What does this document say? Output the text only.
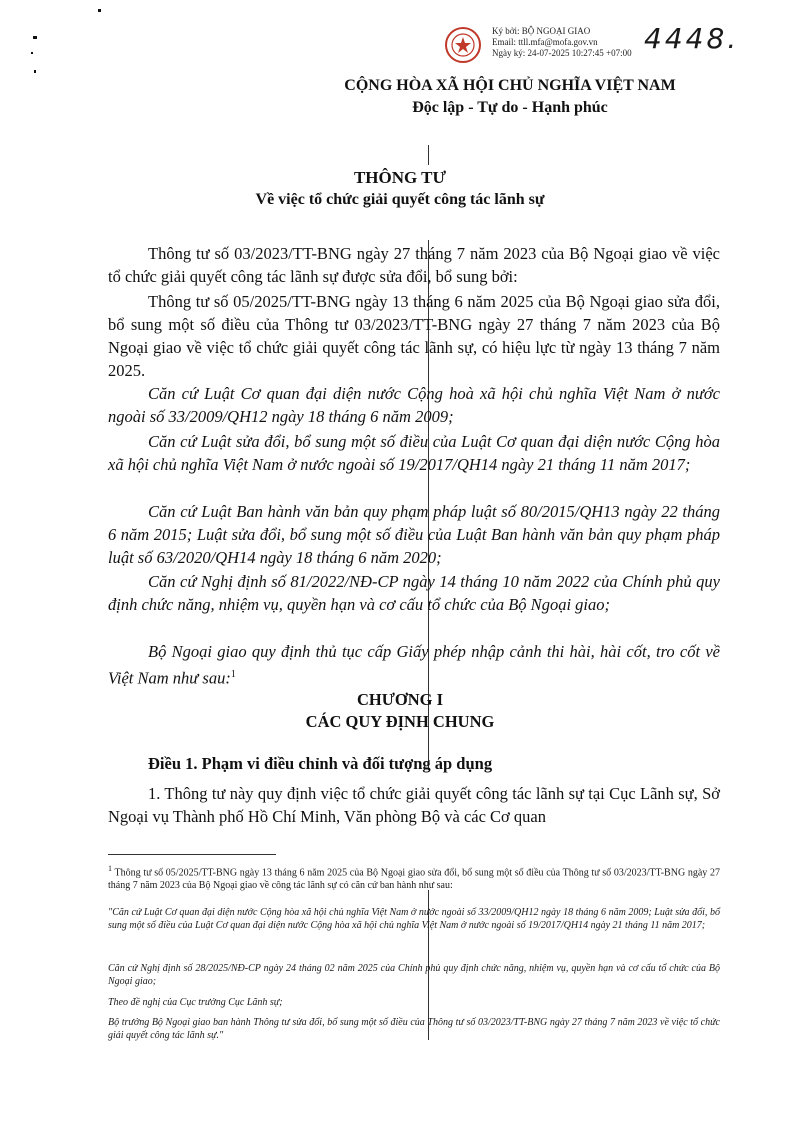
Ký bởi: BỘ NGOẠI GIAO
Email: ttll.mfa@mofa.gov.vn
Ngày ký: 24-07-2025 10:27:45 +07:00 4448.
CỘNG HÒA XÃ HỘI CHỦ NGHĨA VIỆT NAM
Độc lập - Tự do - Hạnh phúc
THÔNG TƯ
Về việc tổ chức giải quyết công tác lãnh sự
Thông tư số 03/2023/TT-BNG ngày 27 tháng 7 năm 2023 của Bộ Ngoại giao về việc tổ chức giải quyết công tác lãnh sự được sửa đổi, bổ sung bởi:
Thông tư số 05/2025/TT-BNG ngày 13 tháng 6 năm 2025 của Bộ Ngoại giao sửa đổi, bổ sung một số điều của Thông tư 03/2023/TT-BNG ngày 27 tháng 7 năm 2023 của Bộ Ngoại giao về việc tổ chức giải quyết công tác lãnh sự, có hiệu lực từ ngày 13 tháng 7 năm 2025.
Căn cứ Luật Cơ quan đại diện nước Cộng hoà xã hội chủ nghĩa Việt Nam ở nước ngoài số 33/2009/QH12 ngày 18 tháng 6 năm 2009;
Căn cứ Luật sửa đổi, bổ sung một số điều của Luật Cơ quan đại diện nước Cộng hòa xã hội chủ nghĩa Việt Nam ở nước ngoài số 19/2017/QH14 ngày 21 tháng 11 năm 2017;
Căn cứ Luật Ban hành văn bản quy phạm pháp luật số 80/2015/QH13 ngày 22 tháng 6 năm 2015; Luật sửa đổi, bổ sung một số điều của Luật Ban hành văn bản quy phạm pháp luật số 63/2020/QH14 ngày 18 tháng 6 năm 2020;
Căn cứ Nghị định số 81/2022/NĐ-CP ngày 14 tháng 10 năm 2022 của Chính phủ quy định chức năng, nhiệm vụ, quyền hạn và cơ cấu tổ chức của Bộ Ngoại giao;
Bộ Ngoại giao quy định thủ tục cấp Giấy phép nhập cảnh thi hài, hài cốt, tro cốt về Việt Nam như sau:$^1$
CHƯƠNG I
CÁC QUY ĐỊNH CHUNG
Điều 1. Phạm vi điều chỉnh và đối tượng áp dụng
1. Thông tư này quy định việc tổ chức giải quyết công tác lãnh sự tại Cục Lãnh sự, Sở Ngoại vụ Thành phố Hồ Chí Minh, Văn phòng Bộ và các Cơ quan
$^1$ Thông tư số 05/2025/TT-BNG ngày 13 tháng 6 năm 2025 của Bộ Ngoại giao sửa đổi, bổ sung một số điều của Thông tư số 03/2023/TT-BNG ngày 27 tháng 7 năm 2023 của Bộ Ngoại giao về công tác lãnh sự có căn cứ ban hành như sau:
"Căn cứ Luật Cơ quan đại diện nước Cộng hòa xã hội chủ nghĩa Việt Nam ở nước ngoài số 33/2009/QH12 ngày 18 tháng 6 năm 2009; Luật sửa đổi, bổ sung một số điều của Luật Cơ quan đại diện nước Cộng hòa xã hội chủ nghĩa Việt Nam ở nước ngoài số 19/2017/QH14 ngày 21 tháng 11 năm 2017;
Căn cứ Nghị định số 28/2025/NĐ-CP ngày 24 tháng 02 năm 2025 của Chính phủ quy định chức năng, nhiệm vụ, quyền hạn và cơ cấu tổ chức của Bộ Ngoại giao;
Theo đề nghị của Cục trưởng Cục Lãnh sự;
Bộ trưởng Bộ Ngoại giao ban hành Thông tư sửa đổi, bổ sung một số điều của Thông tư số 03/2023/TT-BNG ngày 27 tháng 7 năm 2023 về việc tổ chức giải quyết công tác lãnh sự."
